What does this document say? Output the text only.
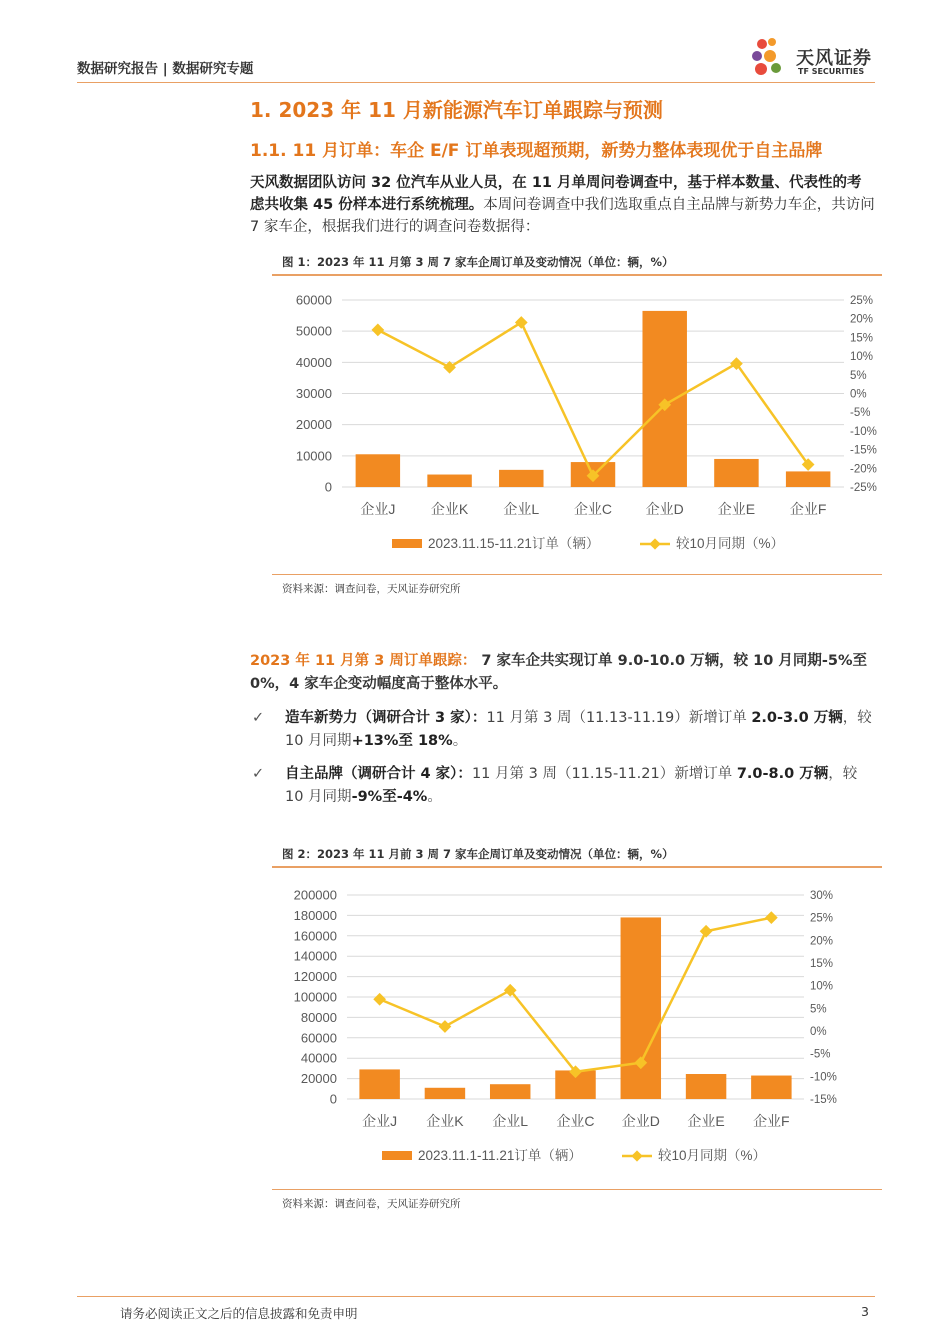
数据研究报告 | 数据研究专题	天风证券
TF SECURITIES
1. 2023 年 11 月新能源汽车订单跟踪与预测
1.1. 11 月订单：车企 E/F 订单表现超预期，新势力整体表现优于自主品牌
天风数据团队访问 32 位汽车从业人员，在 11 月单周问卷调查中，基于样本数量、代表性的考虑共收集 45 份样本进行系统梳理。本周问卷调查中我们选取重点自主品牌与新势力车企，共访问 7 家车企，根据我们进行的调查问卷数据得：
图 1：2023 年 11 月第 3 周 7 家车企周订单及变动情况（单位：辆，%）
0
10000
20000
30000
40000
50000
60000
-25%
-20%
-15%
-10%
-5%
0%
5%
10%
15%
20%
25%
企业J	企业K	企业L 企业C 企业D 企业E 企业F
2023.11.15-11.21订单（辆）	较10月同期（%）
资料来源：调查问卷，天风证券研究所
2023 年 11 月第 3 周订单跟踪： 7 家车企共实现订单 9.0-10.0 万辆，较 10 月同期-5%至 0%，4 家车企变动幅度高于整体水平。
✓ 造车新势力（调研合计 3 家）：11 月第 3 周（11.13-11.19）新增订单 2.0-3.0 万辆，较 10 月同期+13%至 18%。
✓ 自主品牌（调研合计 4 家）：11 月第 3 周（11.15-11.21）新增订单 7.0-8.0 万辆，较 10 月同期-9%至-4%。
图 2：2023 年 11 月前 3 周 7 家车企周订单及变动情况（单位：辆，%）
0
20000
40000
60000
80000
100000
120000
140000
160000
180000
200000
-15%
-10%
-5%
0%
5%
10%
15%
20%
25%
30%
企业J 企业K 企业L 企业C 企业D 企业E 企业F
2023.11.1-11.21订单（辆）	较10月同期（%）
资料来源：调查问卷，天风证券研究所
请务必阅读正文之后的信息披露和免责申明	3
